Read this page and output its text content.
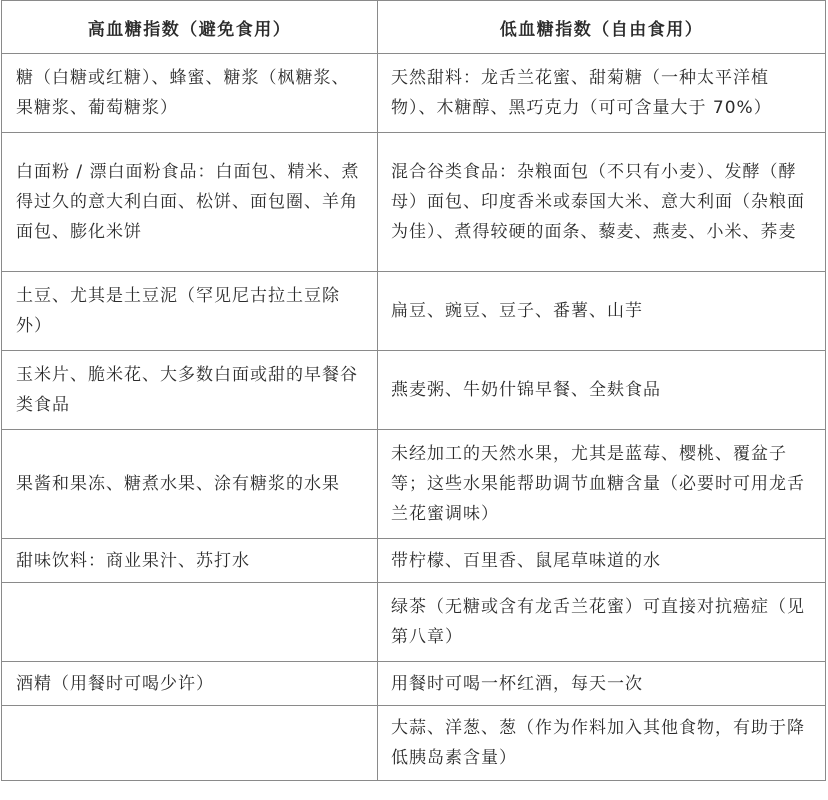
高血糖指数（避免食用）	低血糖指数（自由食用）
糖（白糖或红糖）、蜂蜜、糖浆（枫糖浆、果糖浆、葡萄糖浆）	天然甜料：龙舌兰花蜜、甜菊糖（一种太平洋植物）、木糖醇、黑巧克力（可可含量大于 70%）
白面粉 / 漂白面粉食品：白面包、精米、煮得过久的意大利白面、松饼、面包圈、羊角面包、膨化米饼	混合谷类食品：杂粮面包（不只有小麦）、发酵（酵母）面包、印度香米或泰国大米、意大利面（杂粮面为佳）、煮得较硬的面条、藜麦、燕麦、小米、荞麦
土豆、尤其是土豆泥（罕见尼古拉土豆除外）	扁豆、豌豆、豆子、番薯、山芋
玉米片、脆米花、大多数白面或甜的早餐谷类食品	燕麦粥、牛奶什锦早餐、全麸食品
果酱和果冻、糖煮水果、涂有糖浆的水果	未经加工的天然水果，尤其是蓝莓、樱桃、覆盆子等；这些水果能帮助调节血糖含量（必要时可用龙舌兰花蜜调味）
甜味饮料：商业果汁、苏打水	带柠檬、百里香、鼠尾草味道的水
	绿茶（无糖或含有龙舌兰花蜜）可直接对抗癌症（见第八章）
酒精（用餐时可喝少许）	用餐时可喝一杯红酒，每天一次
	大蒜、洋葱、葱（作为作料加入其他食物，有助于降低胰岛素含量）
